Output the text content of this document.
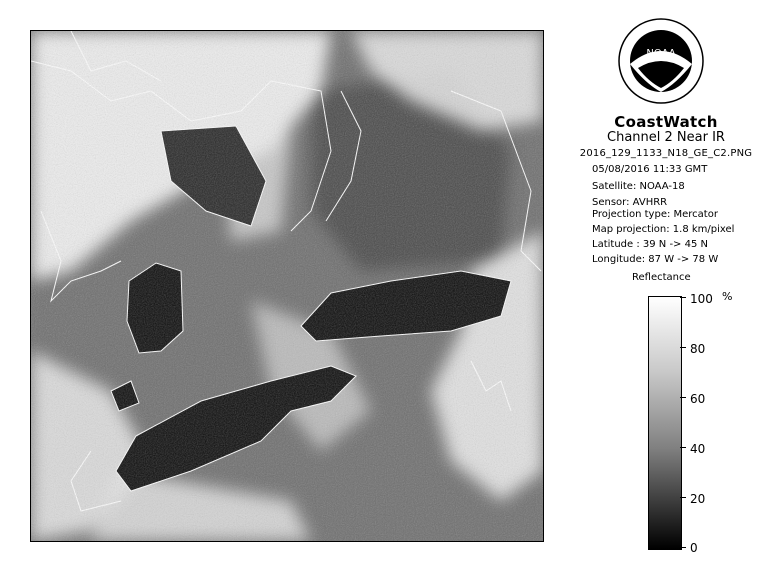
NOAA
CoastWatch
Channel 2 Near IR
2016_129_1133_N18_GE_C2.PNG
05/08/2016 11:33 GMT
Satellite: NOAA-18
Sensor: AVHRR
Projection type: Mercator
Map projection: 1.8 km/pixel
Latitude : 39 N -> 45 N
Longitude: 87 W -> 78 W
Reflectance
%
100
80
60
40
20
0
